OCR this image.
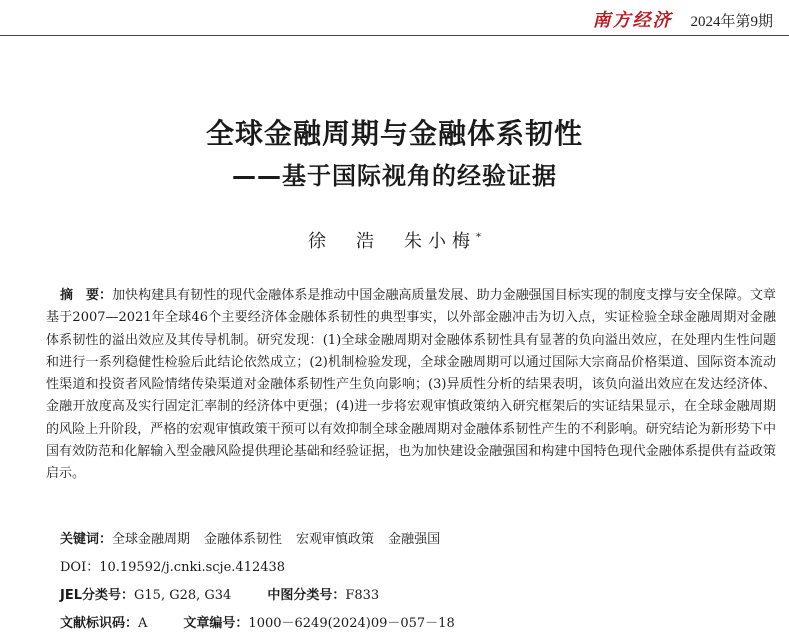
南方经济 2024年第9期
全球金融周期与金融体系韧性
——基于国际视角的经验证据
徐　浩 朱小梅*
摘　要：加快构建具有韧性的现代金融体系是推动中国金融高质量发展、助力金融强国目标实现的制度支撑与安全保障。文章基于2007—2021年全球46个主要经济体金融体系韧性的典型事实，以外部金融冲击为切入点，实证检验全球金融周期对金融体系韧性的溢出效应及其传导机制。研究发现：(1)全球金融周期对金融体系韧性具有显著的负向溢出效应，在处理内生性问题和进行一系列稳健性检验后此结论依然成立；(2)机制检验发现，全球金融周期可以通过国际大宗商品价格渠道、国际资本流动性渠道和投资者风险情绪传染渠道对金融体系韧性产生负向影响；(3)异质性分析的结果表明，该负向溢出效应在发达经济体、金融开放度高及实行固定汇率制的经济体中更强；(4)进一步将宏观审慎政策纳入研究框架后的实证结果显示，在全球金融周期的风险上升阶段，严格的宏观审慎政策干预可以有效抑制全球金融周期对金融体系韧性产生的不利影响。研究结论为新形势下中国有效防范和化解输入型金融风险提供理论基础和经验证据，也为加快建设金融强国和构建中国特色现代金融体系提供有益政策启示。
关键词：全球金融周期 金融体系韧性 宏观审慎政策 金融强国
DOI：10.19592/j.cnki.scje.412438
JEL分类号：G15, G28, G34	中图分类号：F833
文献标识码：A	文章编号：1000－6249(2024)09－057－18
